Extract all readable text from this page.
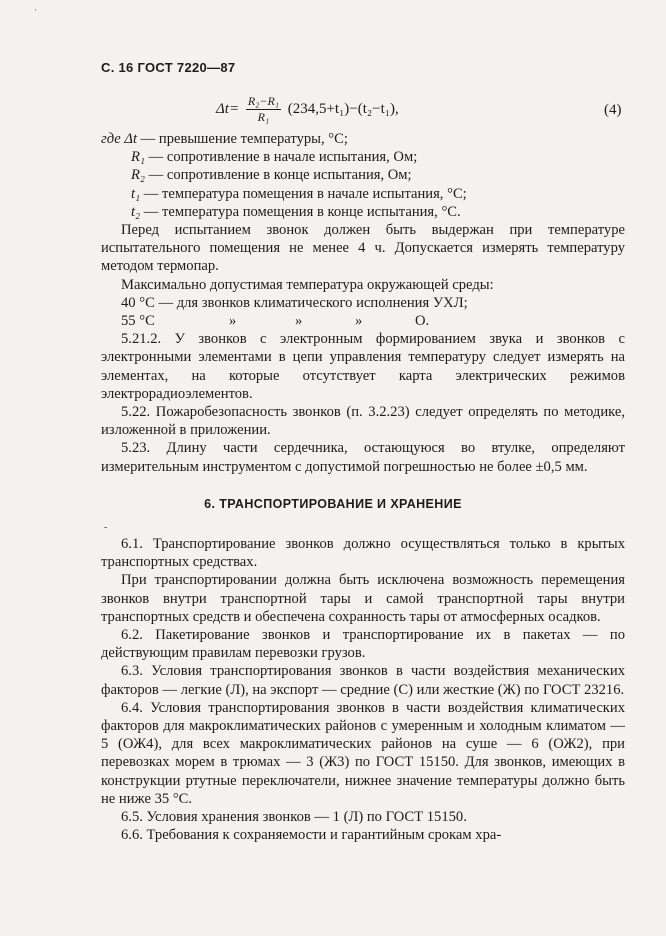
ˈ
С. 16 ГОСТ 7220—87
$\Delta t= \frac{\text{R₂−R₁}}{\text{R₁}} (234,5+t_1)-(t_2-t_1)$,	(4)

где Δt — превышение температуры, °C;

R₁ — сопротивление в начале испытания, Ом;

R₂ — сопротивление в конце испытания, Ом;

t₁ — температура помещения в начале испытания, °C;

t₂ — температура помещения в конце испытания, °C.

Перед испытанием звонок должен быть выдержан при температуре испытательного помещения не менее 4 ч. Допускается измерять температуру методом термопар.

Максимально допустимая температура окружающей среды:

40 °C — для звонков климатического исполнения УХЛ;

55 °C	»	»	»	О.

5.21.2. У звонков с электронным формированием звука и звонков с электронными элементами в цепи управления температуру следует измерять на элементах, на которые отсутствует карта электрических режимов электрорадиоэлементов.

5.22. Пожаробезопасность звонков (п. 3.2.23) следует определять по методике, изложенной в приложении.

5.23. Длину части сердечника, остающуюся во втулке, определяют измерительным инструментом с допустимой погрешностью не более ±0,5 мм.

6. ТРАНСПОРТИРОВАНИЕ И ХРАНЕНИЕ
-

6.1. Транспортирование звонков должно осуществляться только в крытых транспортных средствах.

При транспортировании должна быть исключена возможность перемещения звонков внутри транспортной тары и самой транспортной тары внутри транспортных средств и обеспечена сохранность тары от атмосферных осадков.

6.2. Пакетирование звонков и транспортирование их в пакетах — по действующим правилам перевозки грузов.

6.3. Условия транспортирования звонков в части воздействия механических факторов — легкие (Л), на экспорт — средние (С) или жесткие (Ж) по ГОСТ 23216.

6.4. Условия транспортирования звонков в части воздействия климатических факторов для макроклиматических районов с умеренным и холодным климатом — 5 (ОЖ4), для всех макроклиматических районов на суше — 6 (ОЖ2), при перевозках морем в трюмах — 3 (Ж3) по ГОСТ 15150. Для звонков, имеющих в конструкции ртутные переключатели, нижнее значение температуры должно быть не ниже 35 °C.

6.5. Условия хранения звонков — 1 (Л) по ГОСТ 15150.

6.6. Требования к сохраняемости и гарантийным срокам хра-
